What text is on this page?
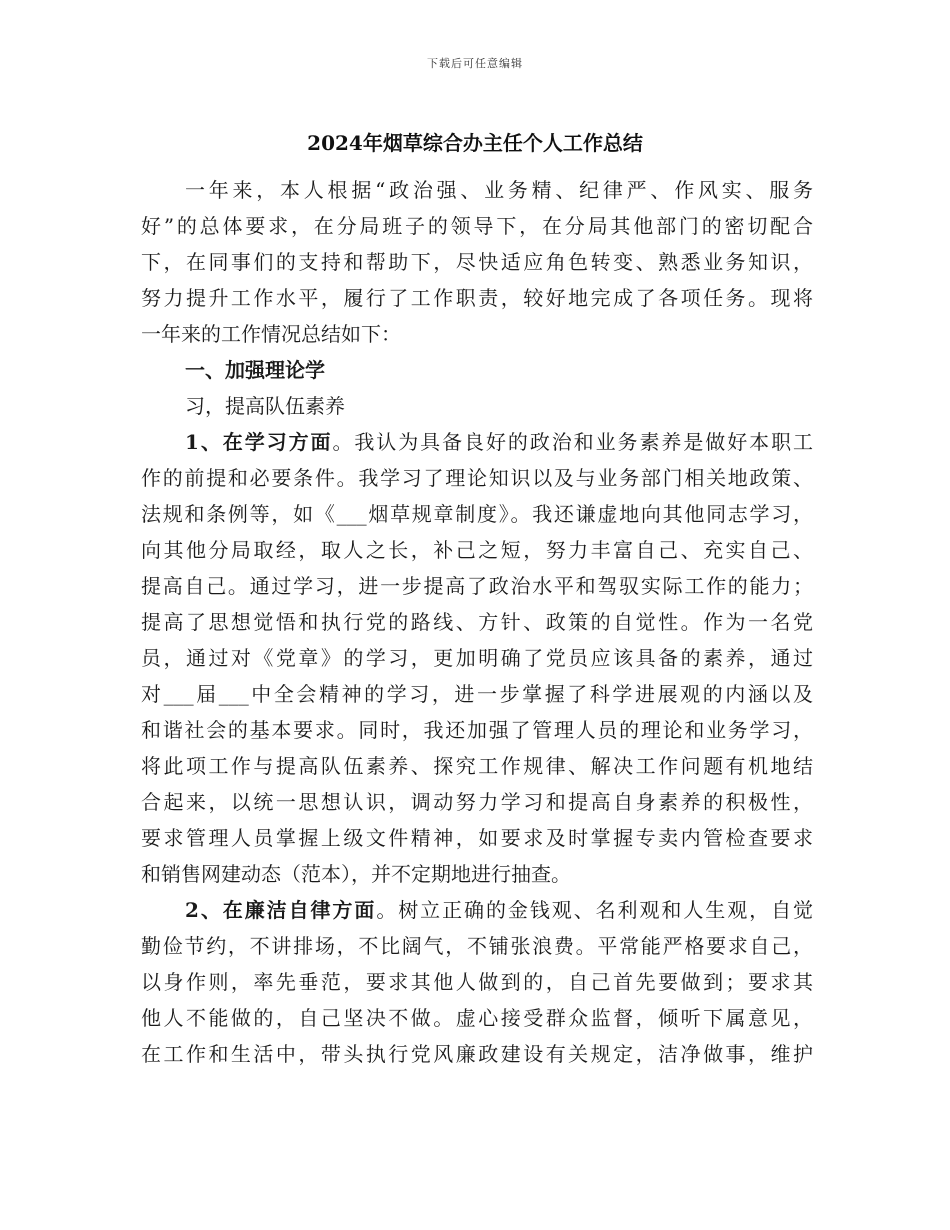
下载后可任意编辑
2024年烟草综合办主任个人工作总结
一年来，本人根据“政治强、业务精、纪律严、作风实、服务
好”的总体要求，在分局班子的领导下，在分局其他部门的密切配合
下，在同事们的支持和帮助下，尽快适应角色转变、熟悉业务知识，
努力提升工作水平，履行了工作职责，较好地完成了各项任务。现将
一年来的工作情况总结如下：
一、加强理论学
习，提高队伍素养
1、在学习方面。我认为具备良好的政治和业务素养是做好本职工
作的前提和必要条件。我学习了理论知识以及与业务部门相关地政策、
法规和条例等，如《___烟草规章制度》。我还谦虚地向其他同志学习，
向其他分局取经，取人之长，补己之短，努力丰富自己、充实自己、
提高自己。通过学习，进一步提高了政治水平和驾驭实际工作的能力；
提高了思想觉悟和执行党的路线、方针、政策的自觉性。作为一名党
员，通过对《党章》的学习，更加明确了党员应该具备的素养，通过
对___届___中全会精神的学习，进一步掌握了科学进展观的内涵以及
和谐社会的基本要求。同时，我还加强了管理人员的理论和业务学习，
将此项工作与提高队伍素养、探究工作规律、解决工作问题有机地结
合起来，以统一思想认识，调动努力学习和提高自身素养的积极性，
要求管理人员掌握上级文件精神，如要求及时掌握专卖内管检查要求
和销售网建动态（范本），并不定期地进行抽查。
2、在廉洁自律方面。树立正确的金钱观、名利观和人生观，自觉
勤俭节约，不讲排场，不比阔气，不铺张浪费。平常能严格要求自己，
以身作则，率先垂范，要求其他人做到的，自己首先要做到；要求其
他人不能做的，自己坚决不做。虚心接受群众监督，倾听下属意见，
在工作和生活中，带头执行党风廉政建设有关规定，洁净做事，维护
